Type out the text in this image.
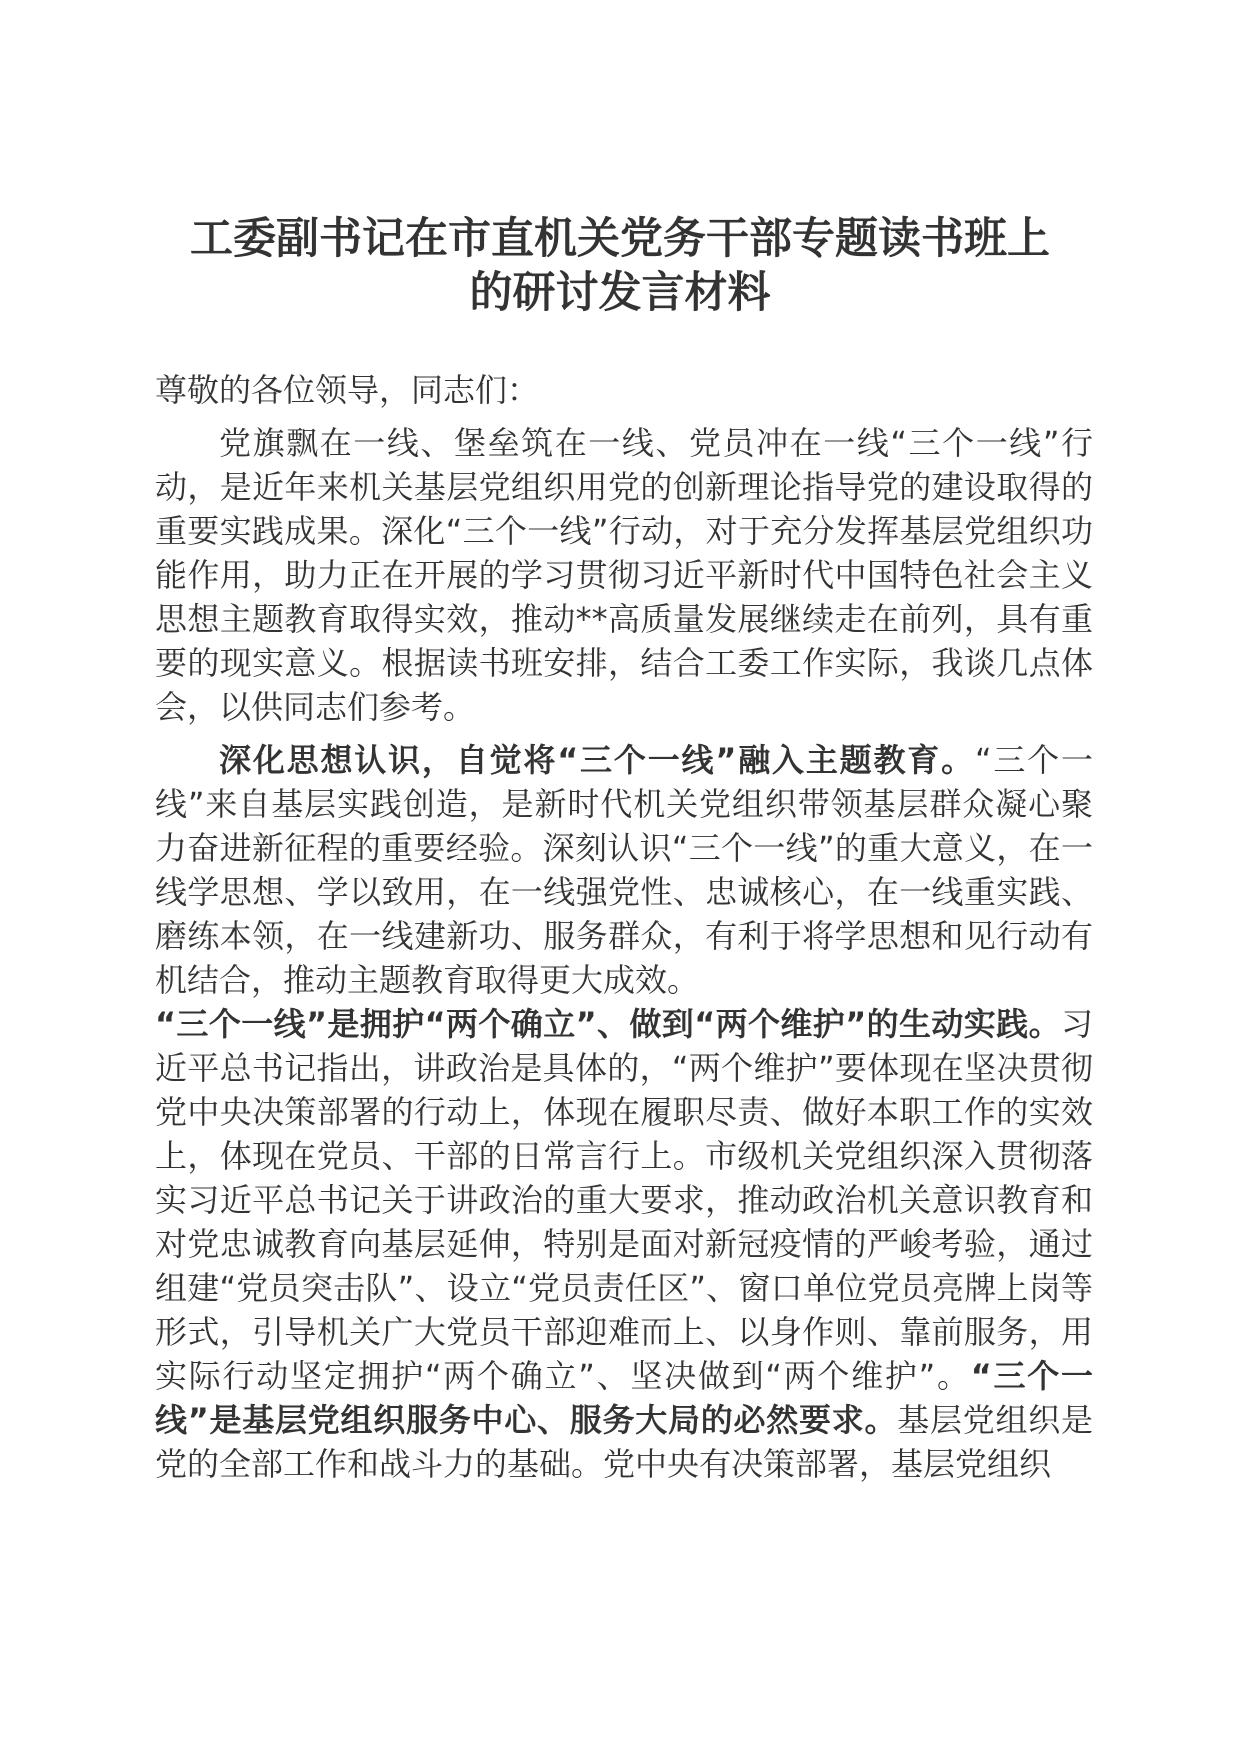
工委副书记在市直机关党务干部专题读书班上
的研讨发言材料

尊敬的各位领导，同志们：

党旗飘在一线、堡垒筑在一线、党员冲在一线“三个一线”行动，是近年来机关基层党组织用党的创新理论指导党的建设取得的重要实践成果。深化“三个一线”行动，对于充分发挥基层党组织功能作用，助力正在开展的学习贯彻习近平新时代中国特色社会主义思想主题教育取得实效，推动**高质量发展继续走在前列，具有重要的现实意义。根据读书班安排，结合工委工作实际，我谈几点体会，以供同志们参考。

深化思想认识，自觉将“三个一线”融入主题教育。“三个一线”来自基层实践创造，是新时代机关党组织带领基层群众凝心聚力奋进新征程的重要经验。深刻认识“三个一线”的重大意义，在一线学思想、学以致用，在一线强党性、忠诚核心，在一线重实践、磨练本领，在一线建新功、服务群众，有利于将学思想和见行动有机结合，推动主题教育取得更大成效。

“三个一线”是拥护“两个确立”、做到“两个维护”的生动实践。习近平总书记指出，讲政治是具体的，“两个维护”要体现在坚决贯彻党中央决策部署的行动上，体现在履职尽责、做好本职工作的实效上，体现在党员、干部的日常言行上。市级机关党组织深入贯彻落实习近平总书记关于讲政治的重大要求，推动政治机关意识教育和对党忠诚教育向基层延伸，特别是面对新冠疫情的严峻考验，通过组建“党员突击队”、设立“党员责任区”、窗口单位党员亮牌上岗等形式，引导机关广大党员干部迎难而上、以身作则、靠前服务，用实际行动坚定拥护“两个确立”、坚决做到“两个维护”。“三个一线”是基层党组织服务中心、服务大局的必然要求。基层党组织是党的全部工作和战斗力的基础。党中央有决策部署，基层党组织
